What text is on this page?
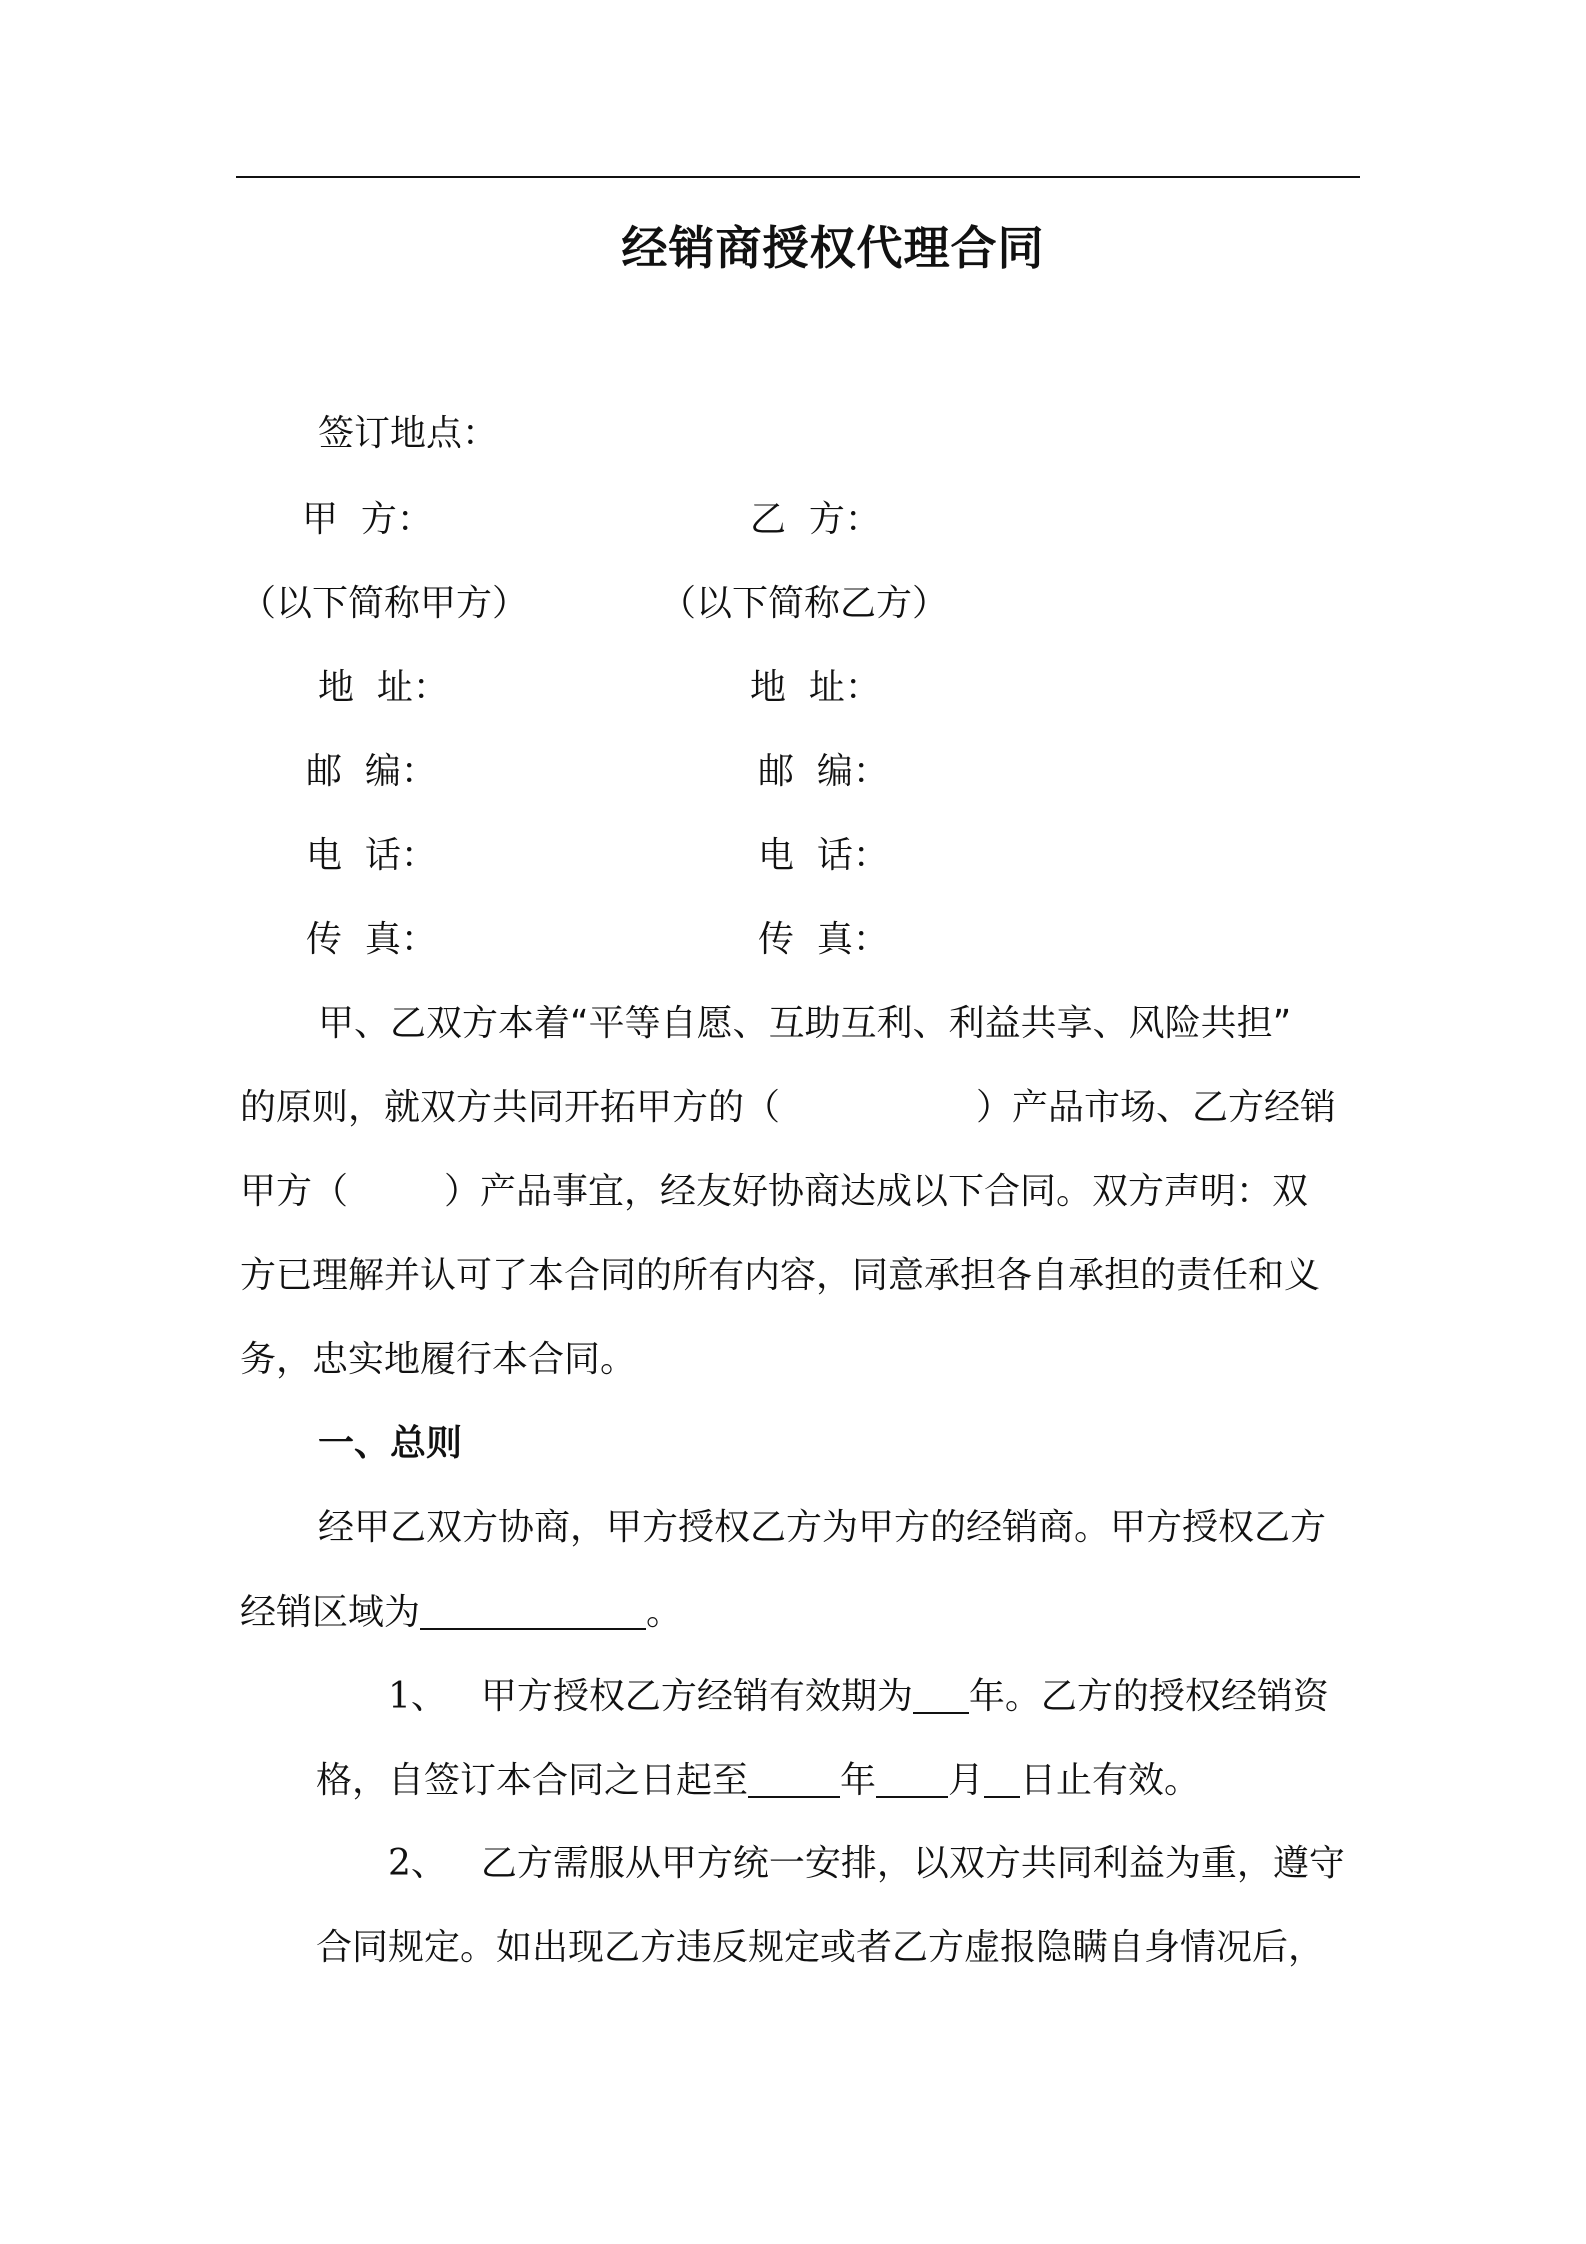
经销商授权代理合同
签订地点：
甲  方：	乙  方：
（以下简称甲方）	（以下简称乙方）
地  址：	地  址：
邮  编：	邮  编：
电  话：	电  话：
传  真：	传  真：
甲、乙双方本着“平等自愿、互助互利、利益共享、风险共担”
的原则，就双方共同开拓甲方的（	）产品市场、乙方经销
甲方（	）产品事宜，经友好协商达成以下合同。双方声明：双
方已理解并认可了本合同的所有内容，同意承担各自承担的责任和义
务，忠实地履行本合同。
一、总则
经甲乙双方协商，甲方授权乙方为甲方的经销商。甲方授权乙方
经销区域为	。
1、 甲方授权乙方经销有效期为 年。乙方的授权经销资
格，自签订本合同之日起至	年 月 日止有效。
2、 乙方需服从甲方统一安排，以双方共同利益为重，遵守
合同规定。如出现乙方违反规定或者乙方虚报隐瞒自身情况后，
